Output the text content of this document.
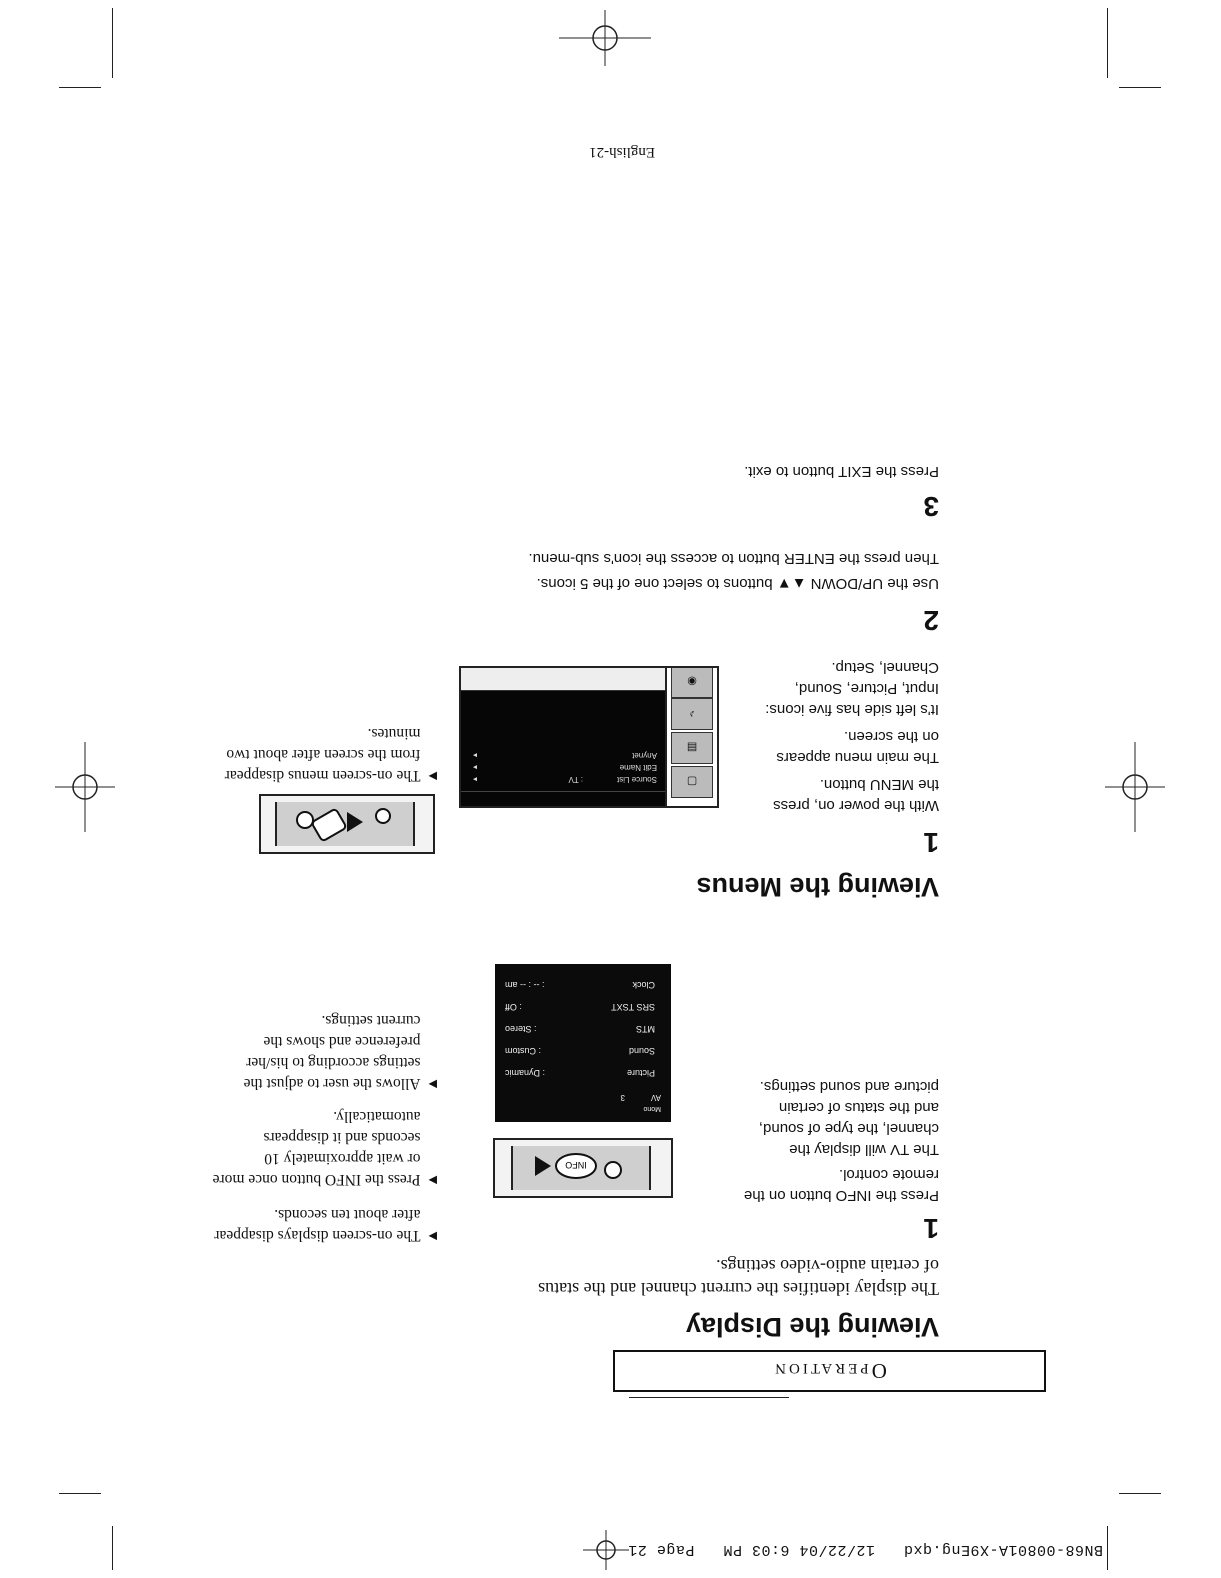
BN68-00801A-X9Eng.qxd   12/22/04 6:03 PM   Page 21
Operation
Viewing the Display
The display identifies the current channel and the status
of certain audio-video settings.
1
Press the INFO button on the
remote control.
The TV will display the
channel, the type of sound,
and the status of certain
picture and sound settings.
INFO
Mono
AV
3
Picture
: Dynamic
Sound
: Custom
MTS
: Stereo
SRS TSXT
: Off
Clock
: -- : -- am
▶
The on-screen displays disappear
after about ten seconds.
▶
Press the INFO button once more
or wait approximately 10
seconds and it disappears
automatically.
▶
Allows the user to adjust the
settings according to his/her
preference and shows the
current settings.
Viewing the Menus
1
With the power on, press
the MENU button.
The main menu appears
on the screen.
It's left side has five icons:
Input, Picture, Sound,
Channel, Setup.
▢
▤
♪
◉
Source List
: TV
▸
Edit Name
▸
Anynet
▸
▶
The on-screen menus disappear
from the screen after about two
minutes.
2
Use the UP/DOWN ▲▼ buttons to select one of the 5 icons.
Then press the ENTER button to access the icon's sub-menu.
3
Press the EXIT button to exit.
English-21
